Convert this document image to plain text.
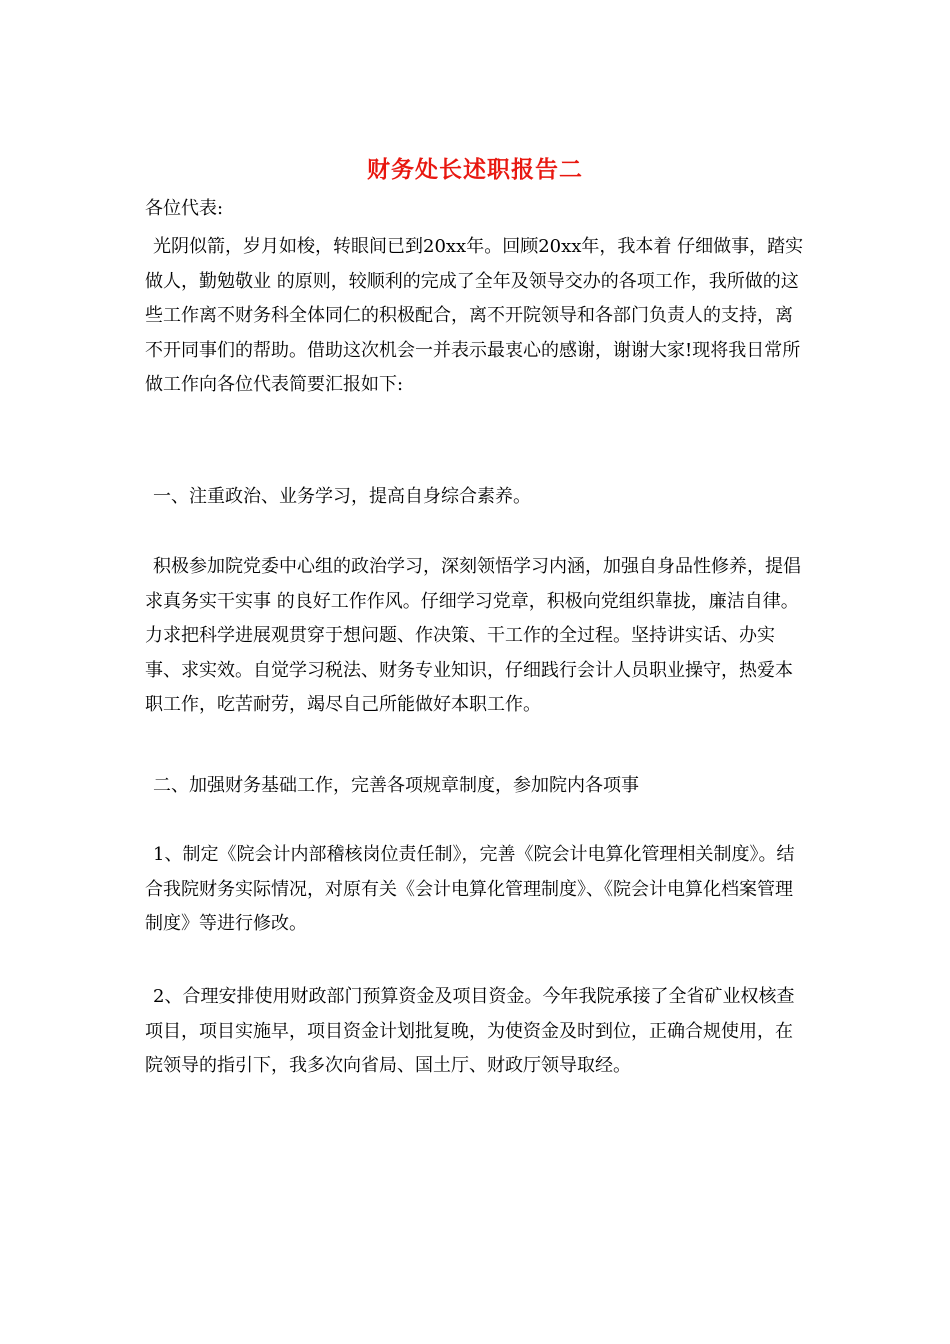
财务处长述职报告二

各位代表:

光阴似箭，岁月如梭，转眼间已到20xx年。回顾20xx年，我本着 仔细做事，踏实做人，勤勉敬业 的原则，较顺利的完成了全年及领导交办的各项工作，我所做的这些工作离不财务科全体同仁的积极配合，离不开院领导和各部门负责人的支持，离不开同事们的帮助。借助这次机会一并表示最衷心的感谢，谢谢大家!现将我日常所做工作向各位代表简要汇报如下:

一、注重政治、业务学习，提高自身综合素养。

积极参加院党委中心组的政治学习，深刻领悟学习内涵，加强自身品性修养，提倡 求真务实干实事 的良好工作作风。仔细学习党章，积极向党组织靠拢，廉洁自律。力求把科学进展观贯穿于想问题、作决策、干工作的全过程。坚持讲实话、办实事、求实效。自觉学习税法、财务专业知识，仔细践行会计人员职业操守，热爱本职工作，吃苦耐劳，竭尽自己所能做好本职工作。

二、加强财务基础工作，完善各项规章制度，参加院内各项事

1、制定《院会计内部稽核岗位责任制》，完善《院会计电算化管理相关制度》。结合我院财务实际情况，对原有关《会计电算化管理制度》、《院会计电算化档案管理制度》等进行修改。

2、合理安排使用财政部门预算资金及项目资金。今年我院承接了全省矿业权核查项目，项目实施早，项目资金计划批复晚，为使资金及时到位，正确合规使用，在院领导的指引下，我多次向省局、国土厅、财政厅领导取经。
